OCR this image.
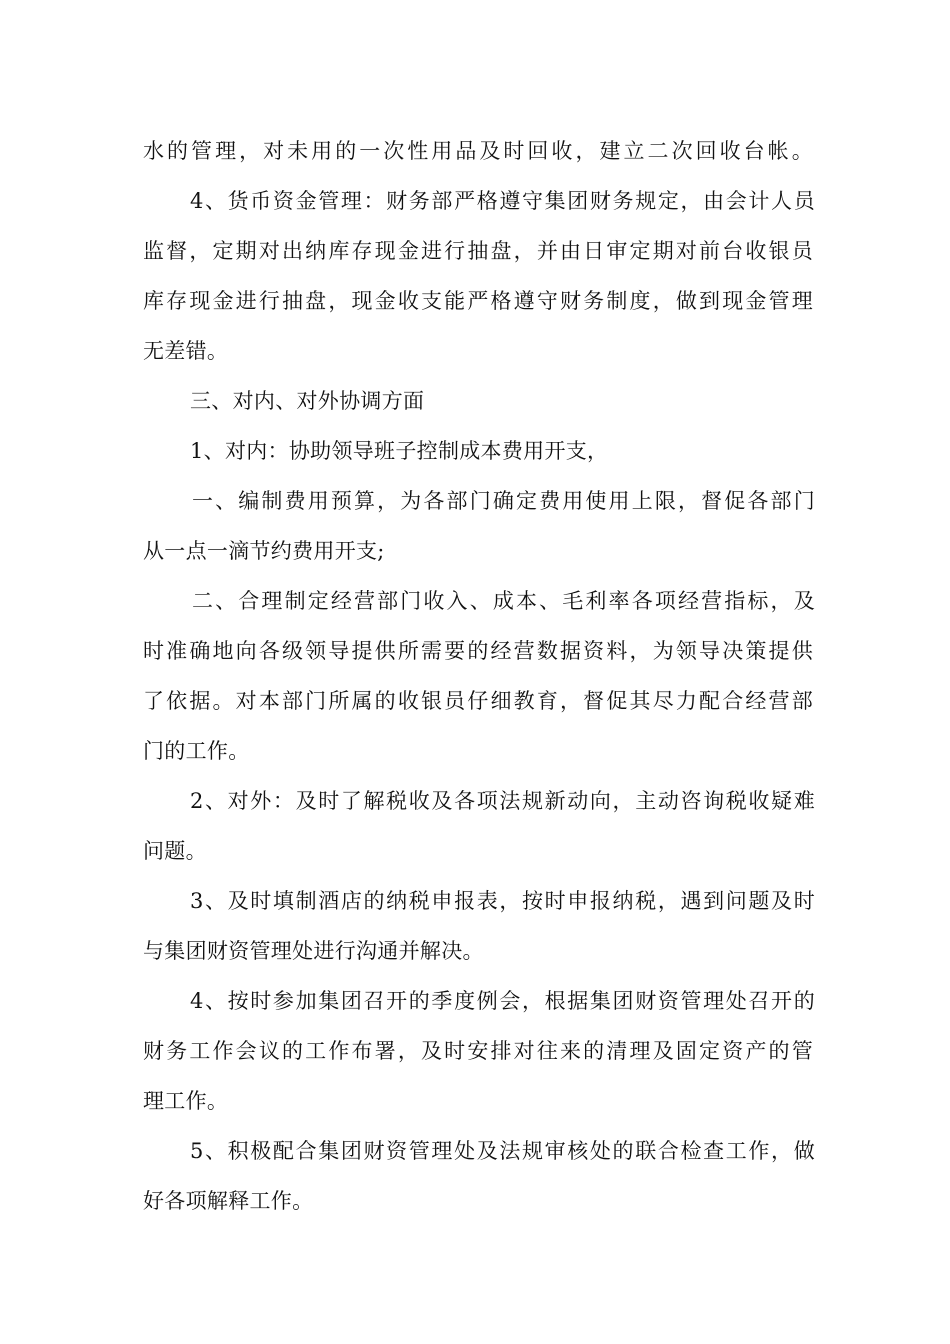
水的管理，对未用的一次性用品及时回收，建立二次回收台帐。
4、货币资金管理：财务部严格遵守集团财务规定，由会计人员
监督，定期对出纳库存现金进行抽盘，并由日审定期对前台收银员
库存现金进行抽盘，现金收支能严格遵守财务制度，做到现金管理
无差错。
三、对内、对外协调方面
1、对内：协助领导班子控制成本费用开支，
一、编制费用预算，为各部门确定费用使用上限，督促各部门
从一点一滴节约费用开支;
二、合理制定经营部门收入、成本、毛利率各项经营指标，及
时准确地向各级领导提供所需要的经营数据资料，为领导决策提供
了依据。对本部门所属的收银员仔细教育，督促其尽力配合经营部
门的工作。
2、对外：及时了解税收及各项法规新动向，主动咨询税收疑难
问题。
3、及时填制酒店的纳税申报表，按时申报纳税，遇到问题及时
与集团财资管理处进行沟通并解决。
4、按时参加集团召开的季度例会，根据集团财资管理处召开的
财务工作会议的工作布署，及时安排对往来的清理及固定资产的管
理工作。
5、积极配合集团财资管理处及法规审核处的联合检查工作，做
好各项解释工作。
